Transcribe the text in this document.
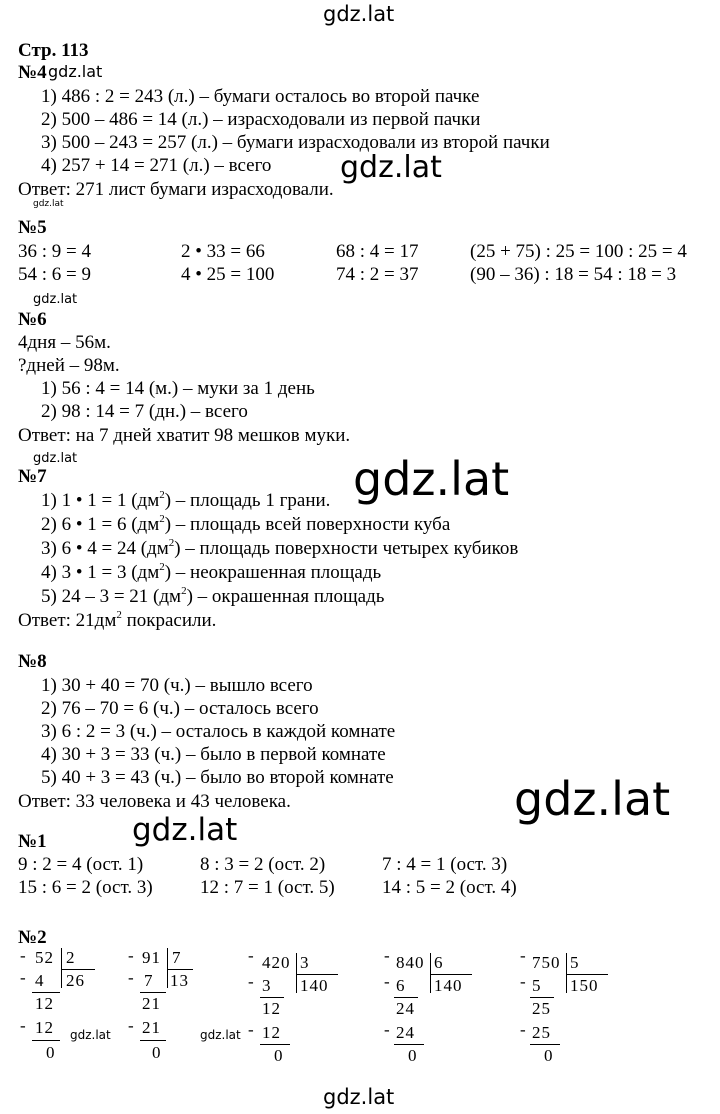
gdz.lat
gdz.lat
gdz.lat
gdz.lat
gdz.lat
gdz.lat	gdz.lat
gdz.lat
gdz.lat
gdz.lat	gdz.lat
gdz.lat
Стр. 113
№4
1) 486 : 2 = 243 (л.) – бумаги осталось во второй пачке
2) 500 – 486 = 14 (л.) – израсходовали из первой пачки
3) 500 – 243 = 257 (л.) – бумаги израсходовали из второй пачки
4) 257 + 14 = 271 (л.) – всего
Ответ: 271 лист бумаги израсходовали.
№5
36 : 9 = 4	2 • 33 = 66	68 : 4 = 17	(25 + 75) : 25 = 100 : 25 = 4
54 : 6 = 9	4 • 25 = 100	74 : 2 = 37	(90 – 36) : 18 = 54 : 18 = 3
№6
4дня – 56м.
?дней – 98м.
1) 56 : 4 = 14 (м.) – муки за 1 день
2) 98 : 14 = 7 (дн.) – всего
Ответ: на 7 дней хватит 98 мешков муки.
№7
1) 1 • 1 = 1 $(дм^2)$ – площадь 1 грани.
2) 6 • 1 = 6 $(дм^2)$ – площадь всей поверхности куба
3) 6 • 4 = 24 $(дм^2)$ – площадь поверхности четырех кубиков
4) 3 • 1 = 3 $(дм^2)$ – неокрашенная площадь
5) 24 – 3 = 21 $(дм^2)$ – окрашенная площадь
Ответ: $21дм^2$ покрасили.
№8
1) 30 + 40 = 70 (ч.) – вышло всего
2) 76 – 70 = 6 (ч.) – осталось всего
3) 6 : 2 = 3 (ч.) – осталось в каждой комнате
4) 30 + 3 = 33 (ч.) – было в первой комнате
5) 40 + 3 = 43 (ч.) – было во второй комнате
Ответ: 33 человека и 43 человека.
№1
9 : 2 = 4 (ост. 1)	8 : 3 = 2 (ост. 2)	7 : 4 = 1 (ост. 3)
15 : 6 = 2 (ост. 3) 12 : 7 = 1 (ост. 5) 14 : 5 = 2 (ост. 4)
№2
- 52 2
26
- 4
12
- 12
0
- 91 7
13
- 7
21
- 21
0
- 420 3
140
- 3
12
- 12
0
- 840 6
140
- 6
24
- 24
0
- 750 5
150
- 5
25
- 25
0
